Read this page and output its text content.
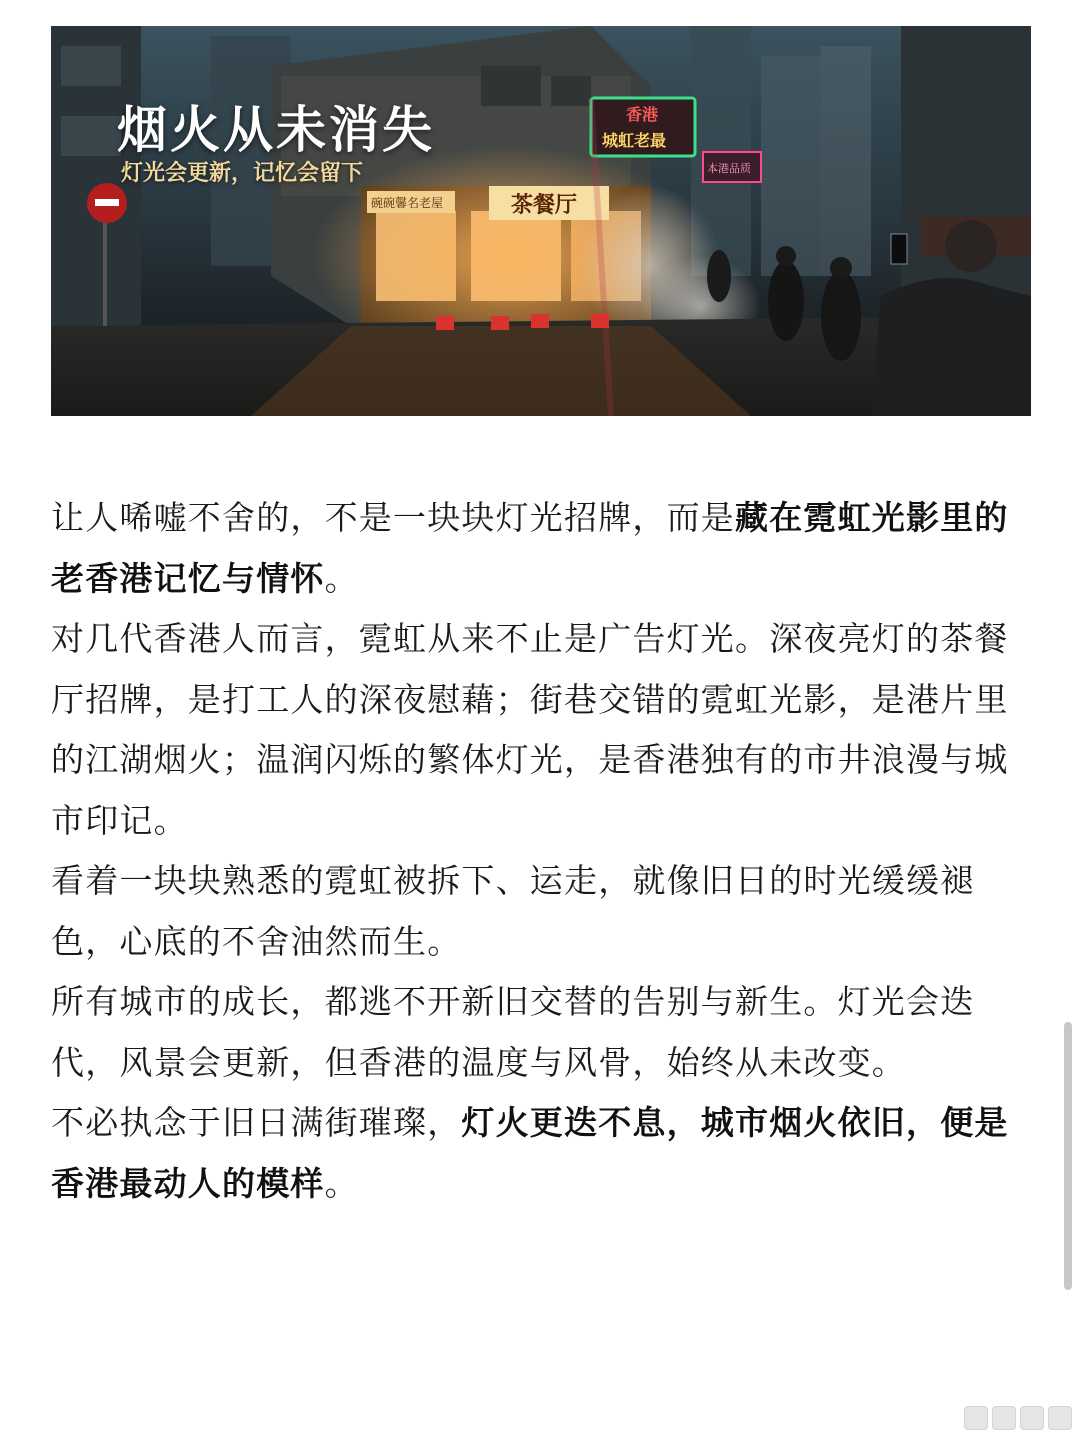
碗碗馨名老屋	茶餐厅
香港
城虹老最
本港品质
烟火从未消失
灯光会更新，记忆会留下

让人唏嘘不舍的，不是一块块灯光招牌，而是藏在霓虹光影里的老香港记忆与情怀。

对几代香港人而言，霓虹从来不止是广告灯光。深夜亮灯的茶餐厅招牌，是打工人的深夜慰藉；街巷交错的霓虹光影，是港片里的江湖烟火；温润闪烁的繁体灯光，是香港独有的市井浪漫与城市印记。

看着一块块熟悉的霓虹被拆下、运走，就像旧日的时光缓缓褪色，心底的不舍油然而生。

所有城市的成长，都逃不开新旧交替的告别与新生。灯光会迭代，风景会更新，但香港的温度与风骨，始终从未改变。

不必执念于旧日满街璀璨，灯火更迭不息，城市烟火依旧，便是香港最动人的模样。
